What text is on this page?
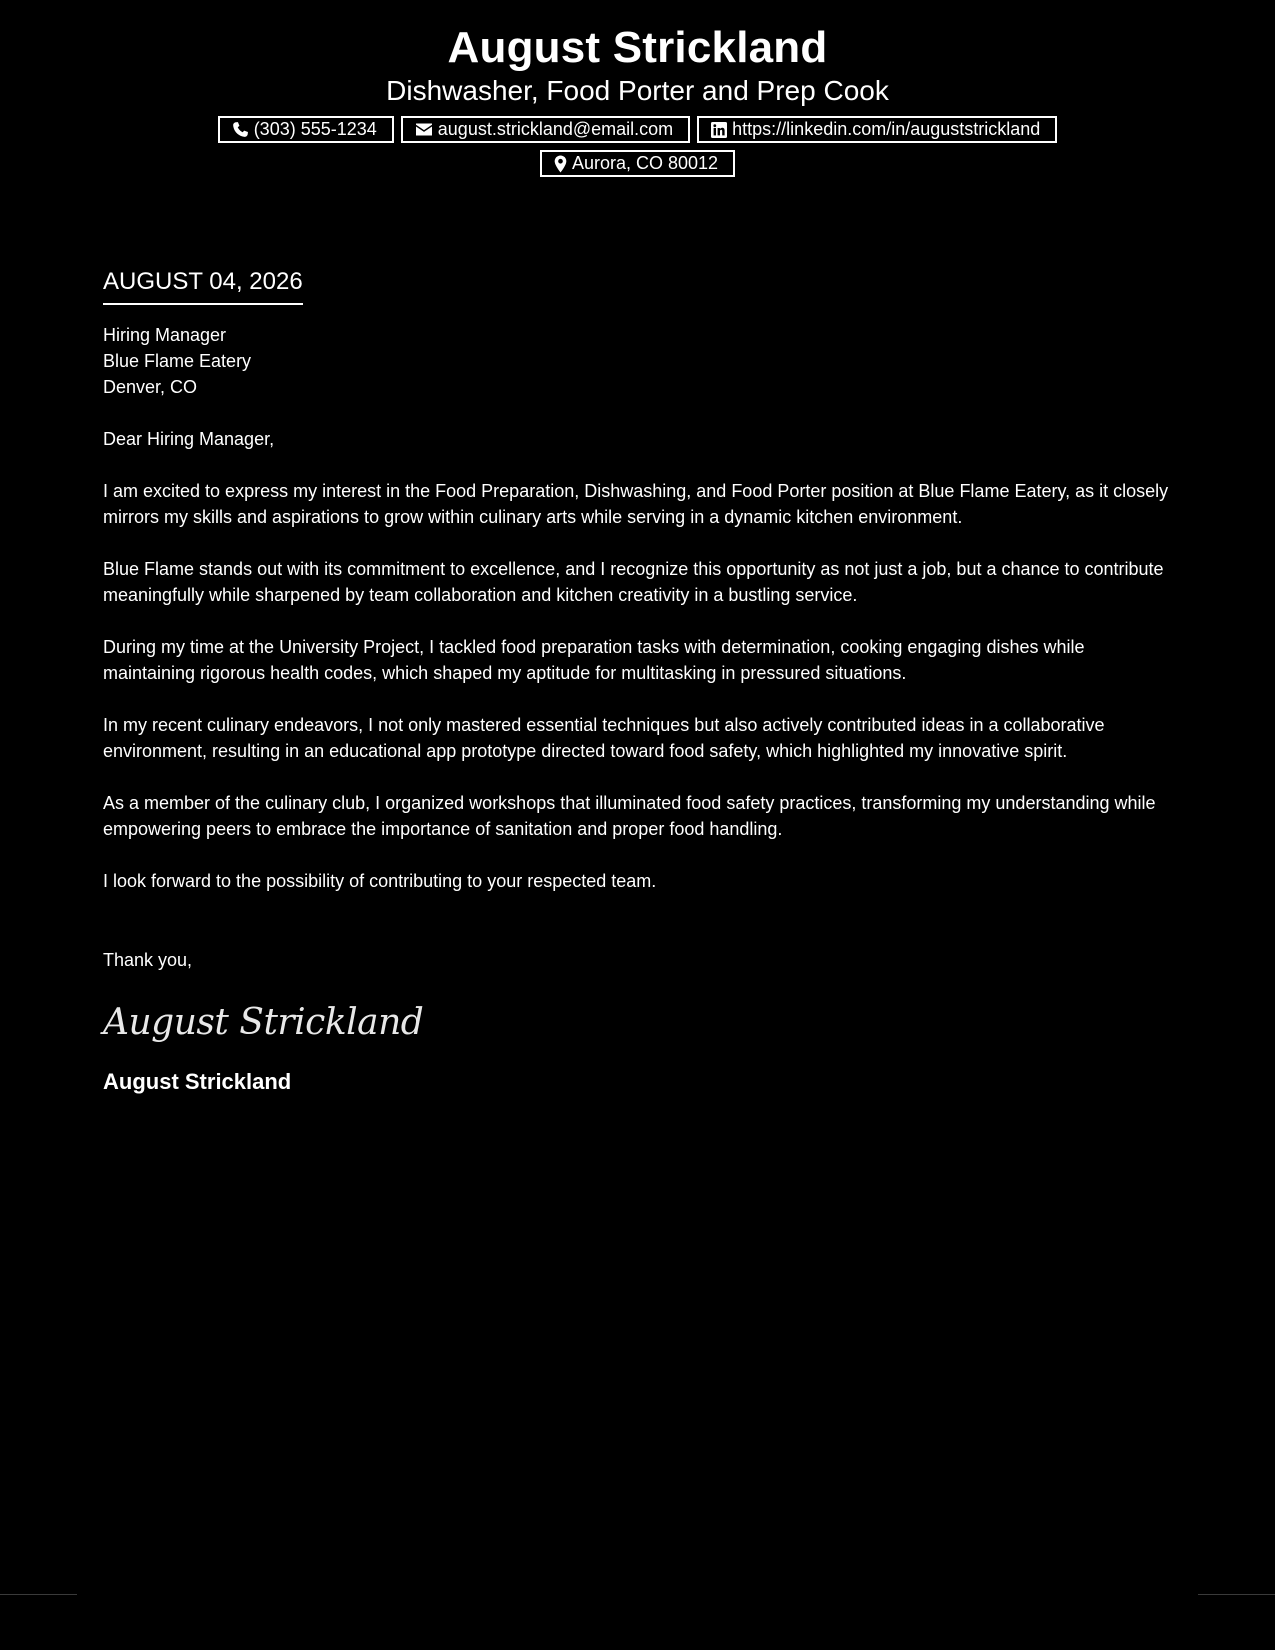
August Strickland
Dishwasher, Food Porter and Prep Cook
(303) 555-1234	august.strickland@email.com	https://linkedin.com/in/auguststrickland
Aurora, CO 80012
AUGUST 04, 2026
Hiring Manager
Blue Flame Eatery
Denver, CO
Dear Hiring Manager,
I am excited to express my interest in the Food Preparation, Dishwashing, and Food Porter position at Blue Flame Eatery, as it closely mirrors my skills and aspirations to grow within culinary arts while serving in a dynamic kitchen environment.
Blue Flame stands out with its commitment to excellence, and I recognize this opportunity as not just a job, but a chance to contribute meaningfully while sharpened by team collaboration and kitchen creativity in a bustling service.
During my time at the University Project, I tackled food preparation tasks with determination, cooking engaging dishes while maintaining rigorous health codes, which shaped my aptitude for multitasking in pressured situations.
In my recent culinary endeavors, I not only mastered essential techniques but also actively contributed ideas in a collaborative environment, resulting in an educational app prototype directed toward food safety, which highlighted my innovative spirit.
As a member of the culinary club, I organized workshops that illuminated food safety practices, transforming my understanding while empowering peers to embrace the importance of sanitation and proper food handling.
I look forward to the possibility of contributing to your respected team.
Thank you,
August Strickland
August Strickland
